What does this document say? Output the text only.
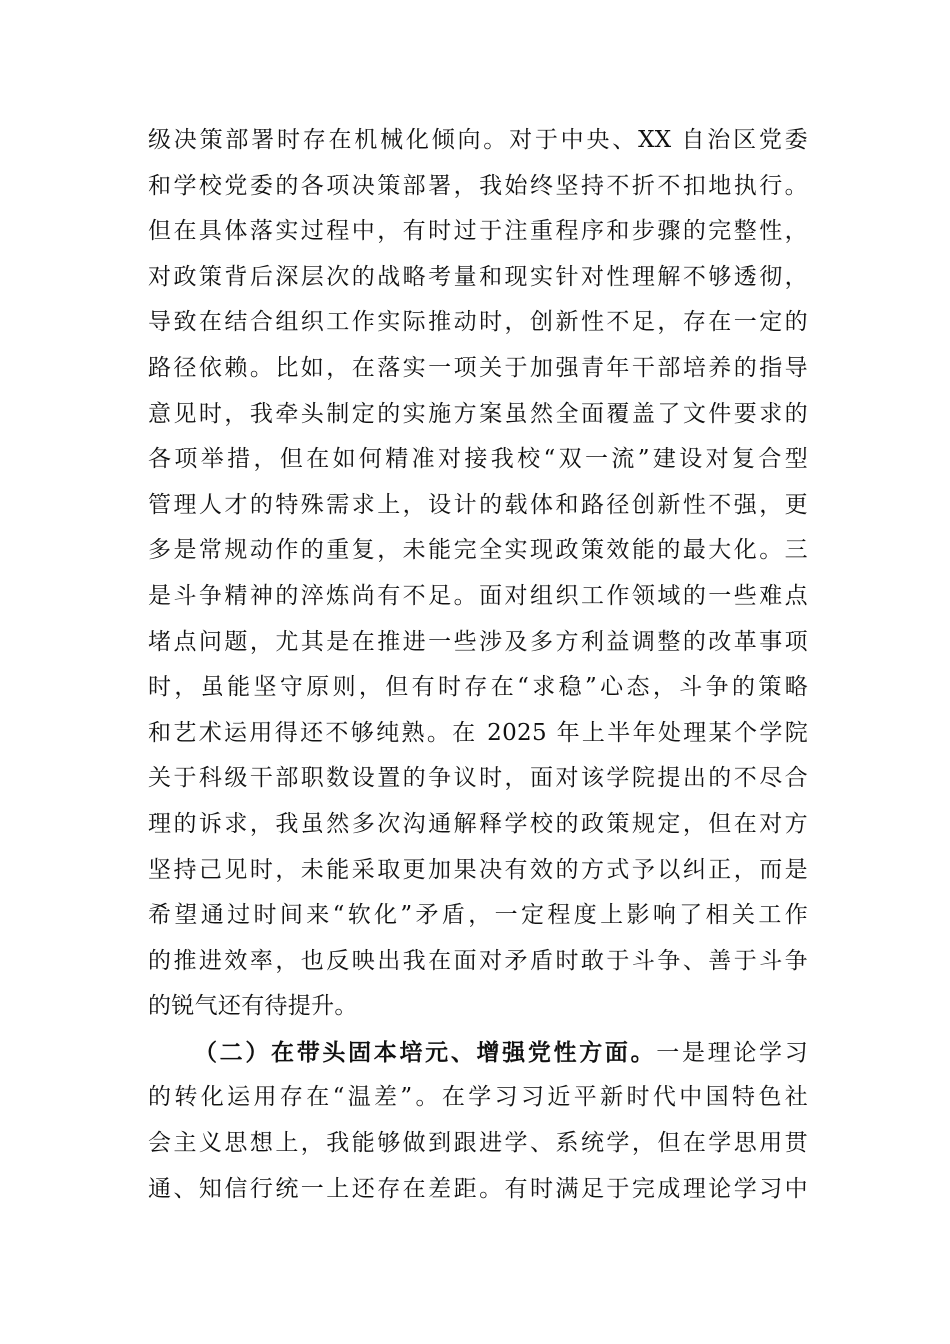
级决策部署时存在机械化倾向。对于中央、XX 自治区党委
和学校党委的各项决策部署，我始终坚持不折不扣地执行。
但在具体落实过程中，有时过于注重程序和步骤的完整性，
对政策背后深层次的战略考量和现实针对性理解不够透彻，
导致在结合组织工作实际推动时，创新性不足，存在一定的
路径依赖。比如，在落实一项关于加强青年干部培养的指导
意见时，我牵头制定的实施方案虽然全面覆盖了文件要求的
各项举措，但在如何精准对接我校“双一流”建设对复合型
管理人才的特殊需求上，设计的载体和路径创新性不强，更
多是常规动作的重复，未能完全实现政策效能的最大化。三
是斗争精神的淬炼尚有不足。面对组织工作领域的一些难点
堵点问题，尤其是在推进一些涉及多方利益调整的改革事项
时，虽能坚守原则，但有时存在“求稳”心态，斗争的策略
和艺术运用得还不够纯熟。在 2025 年上半年处理某个学院
关于科级干部职数设置的争议时，面对该学院提出的不尽合
理的诉求，我虽然多次沟通解释学校的政策规定，但在对方
坚持己见时，未能采取更加果决有效的方式予以纠正，而是
希望通过时间来“软化”矛盾，一定程度上影响了相关工作
的推进效率，也反映出我在面对矛盾时敢于斗争、善于斗争
的锐气还有待提升。
（二）在带头固本培元、增强党性方面。一是理论学习
的转化运用存在“温差”。在学习习近平新时代中国特色社
会主义思想上，我能够做到跟进学、系统学，但在学思用贯
通、知信行统一上还存在差距。有时满足于完成理论学习中
